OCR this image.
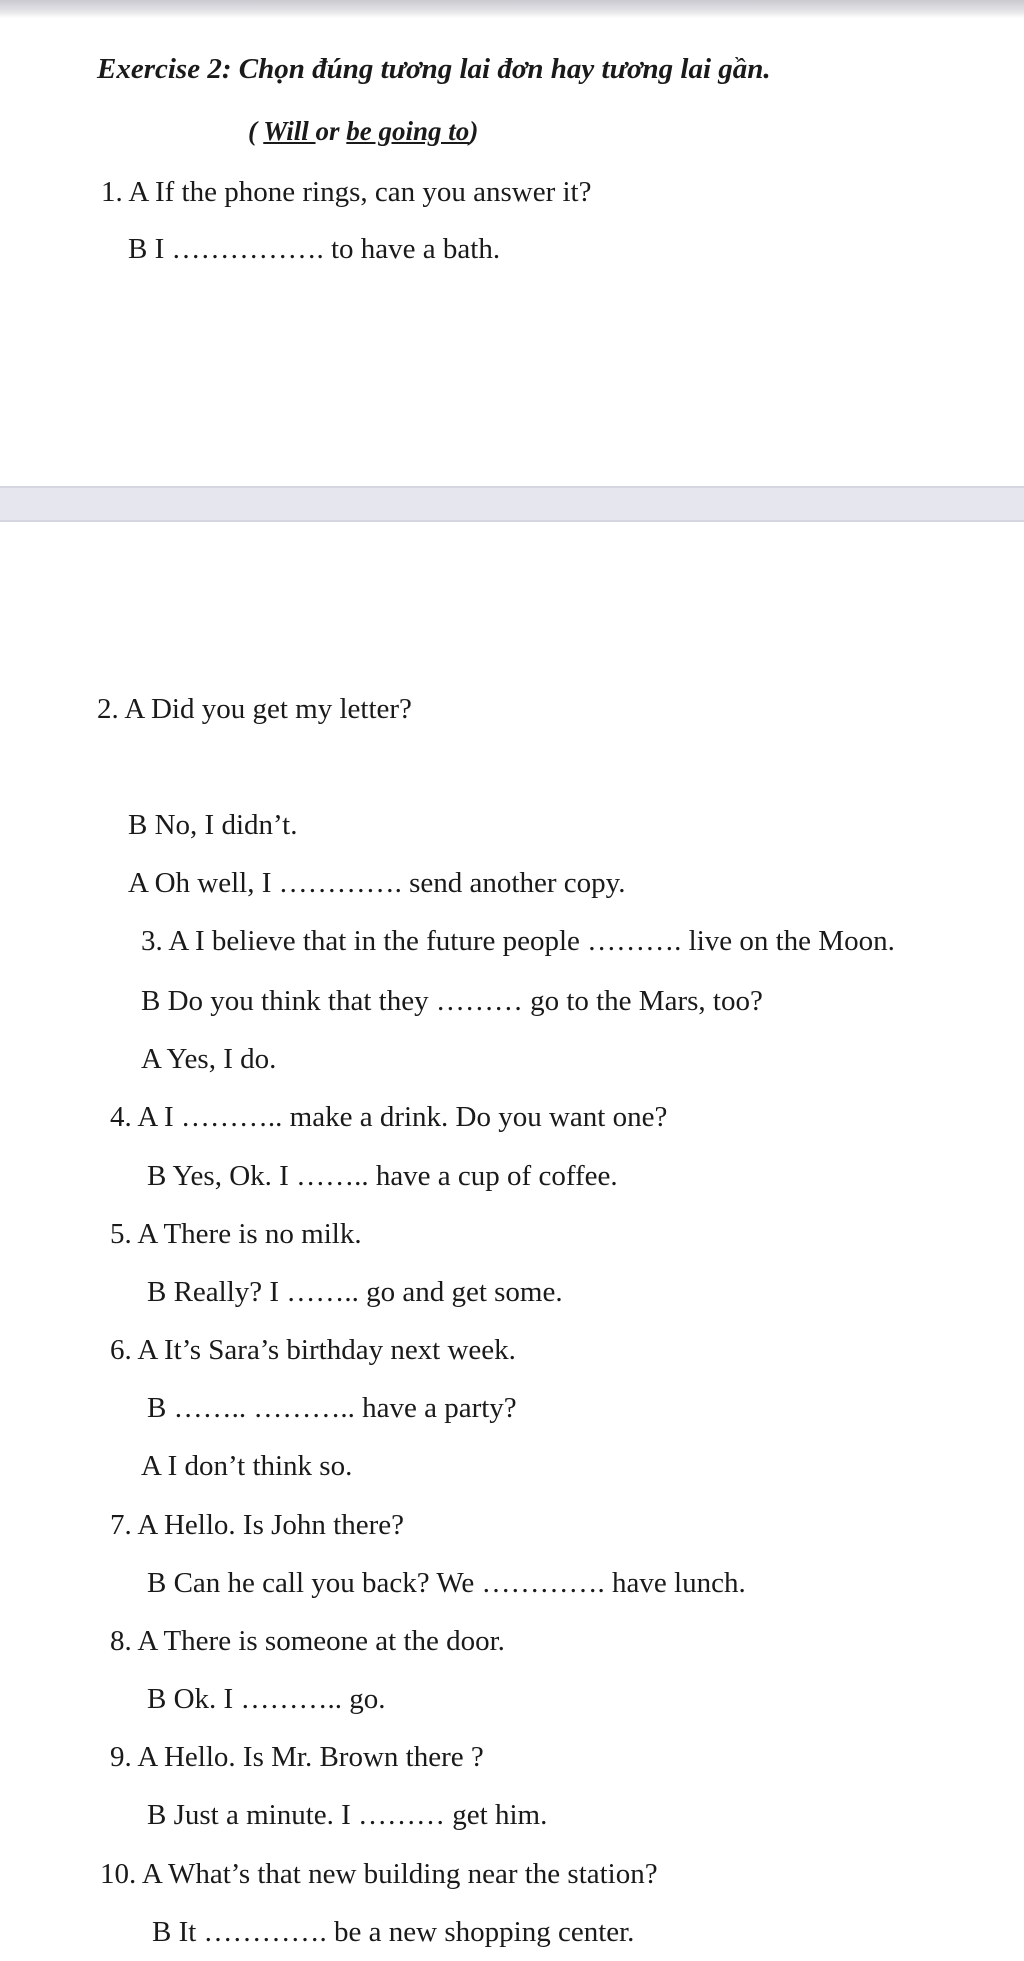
Exercise 2: Chọn đúng tương lai đơn hay tương lai gần.
( Will or be going to)
1. A If the phone rings, can you answer it?
B I ……………. to have a bath.
2. A Did you get my letter?
B No, I didn’t.
A Oh well, I …………. send another copy.
3. A I believe that in the future people ………. live on the Moon.
B Do you think that they ……… go to the Mars, too?
A Yes, I do.
4. A I ……….. make a drink. Do you want one?
B Yes, Ok. I …….. have a cup of coffee.
5. A There is no milk.
B Really? I …….. go and get some.
6. A It’s Sara’s birthday next week.
B …….. ……….. have a party?
A I don’t think so.
7. A Hello. Is John there?
B Can he call you back? We …………. have lunch.
8. A There is someone at the door.
B Ok. I ……….. go.
9. A Hello. Is Mr. Brown there ?
B Just a minute. I ……… get him.
10. A What’s that new building near the station?
B It …………. be a new shopping center.
